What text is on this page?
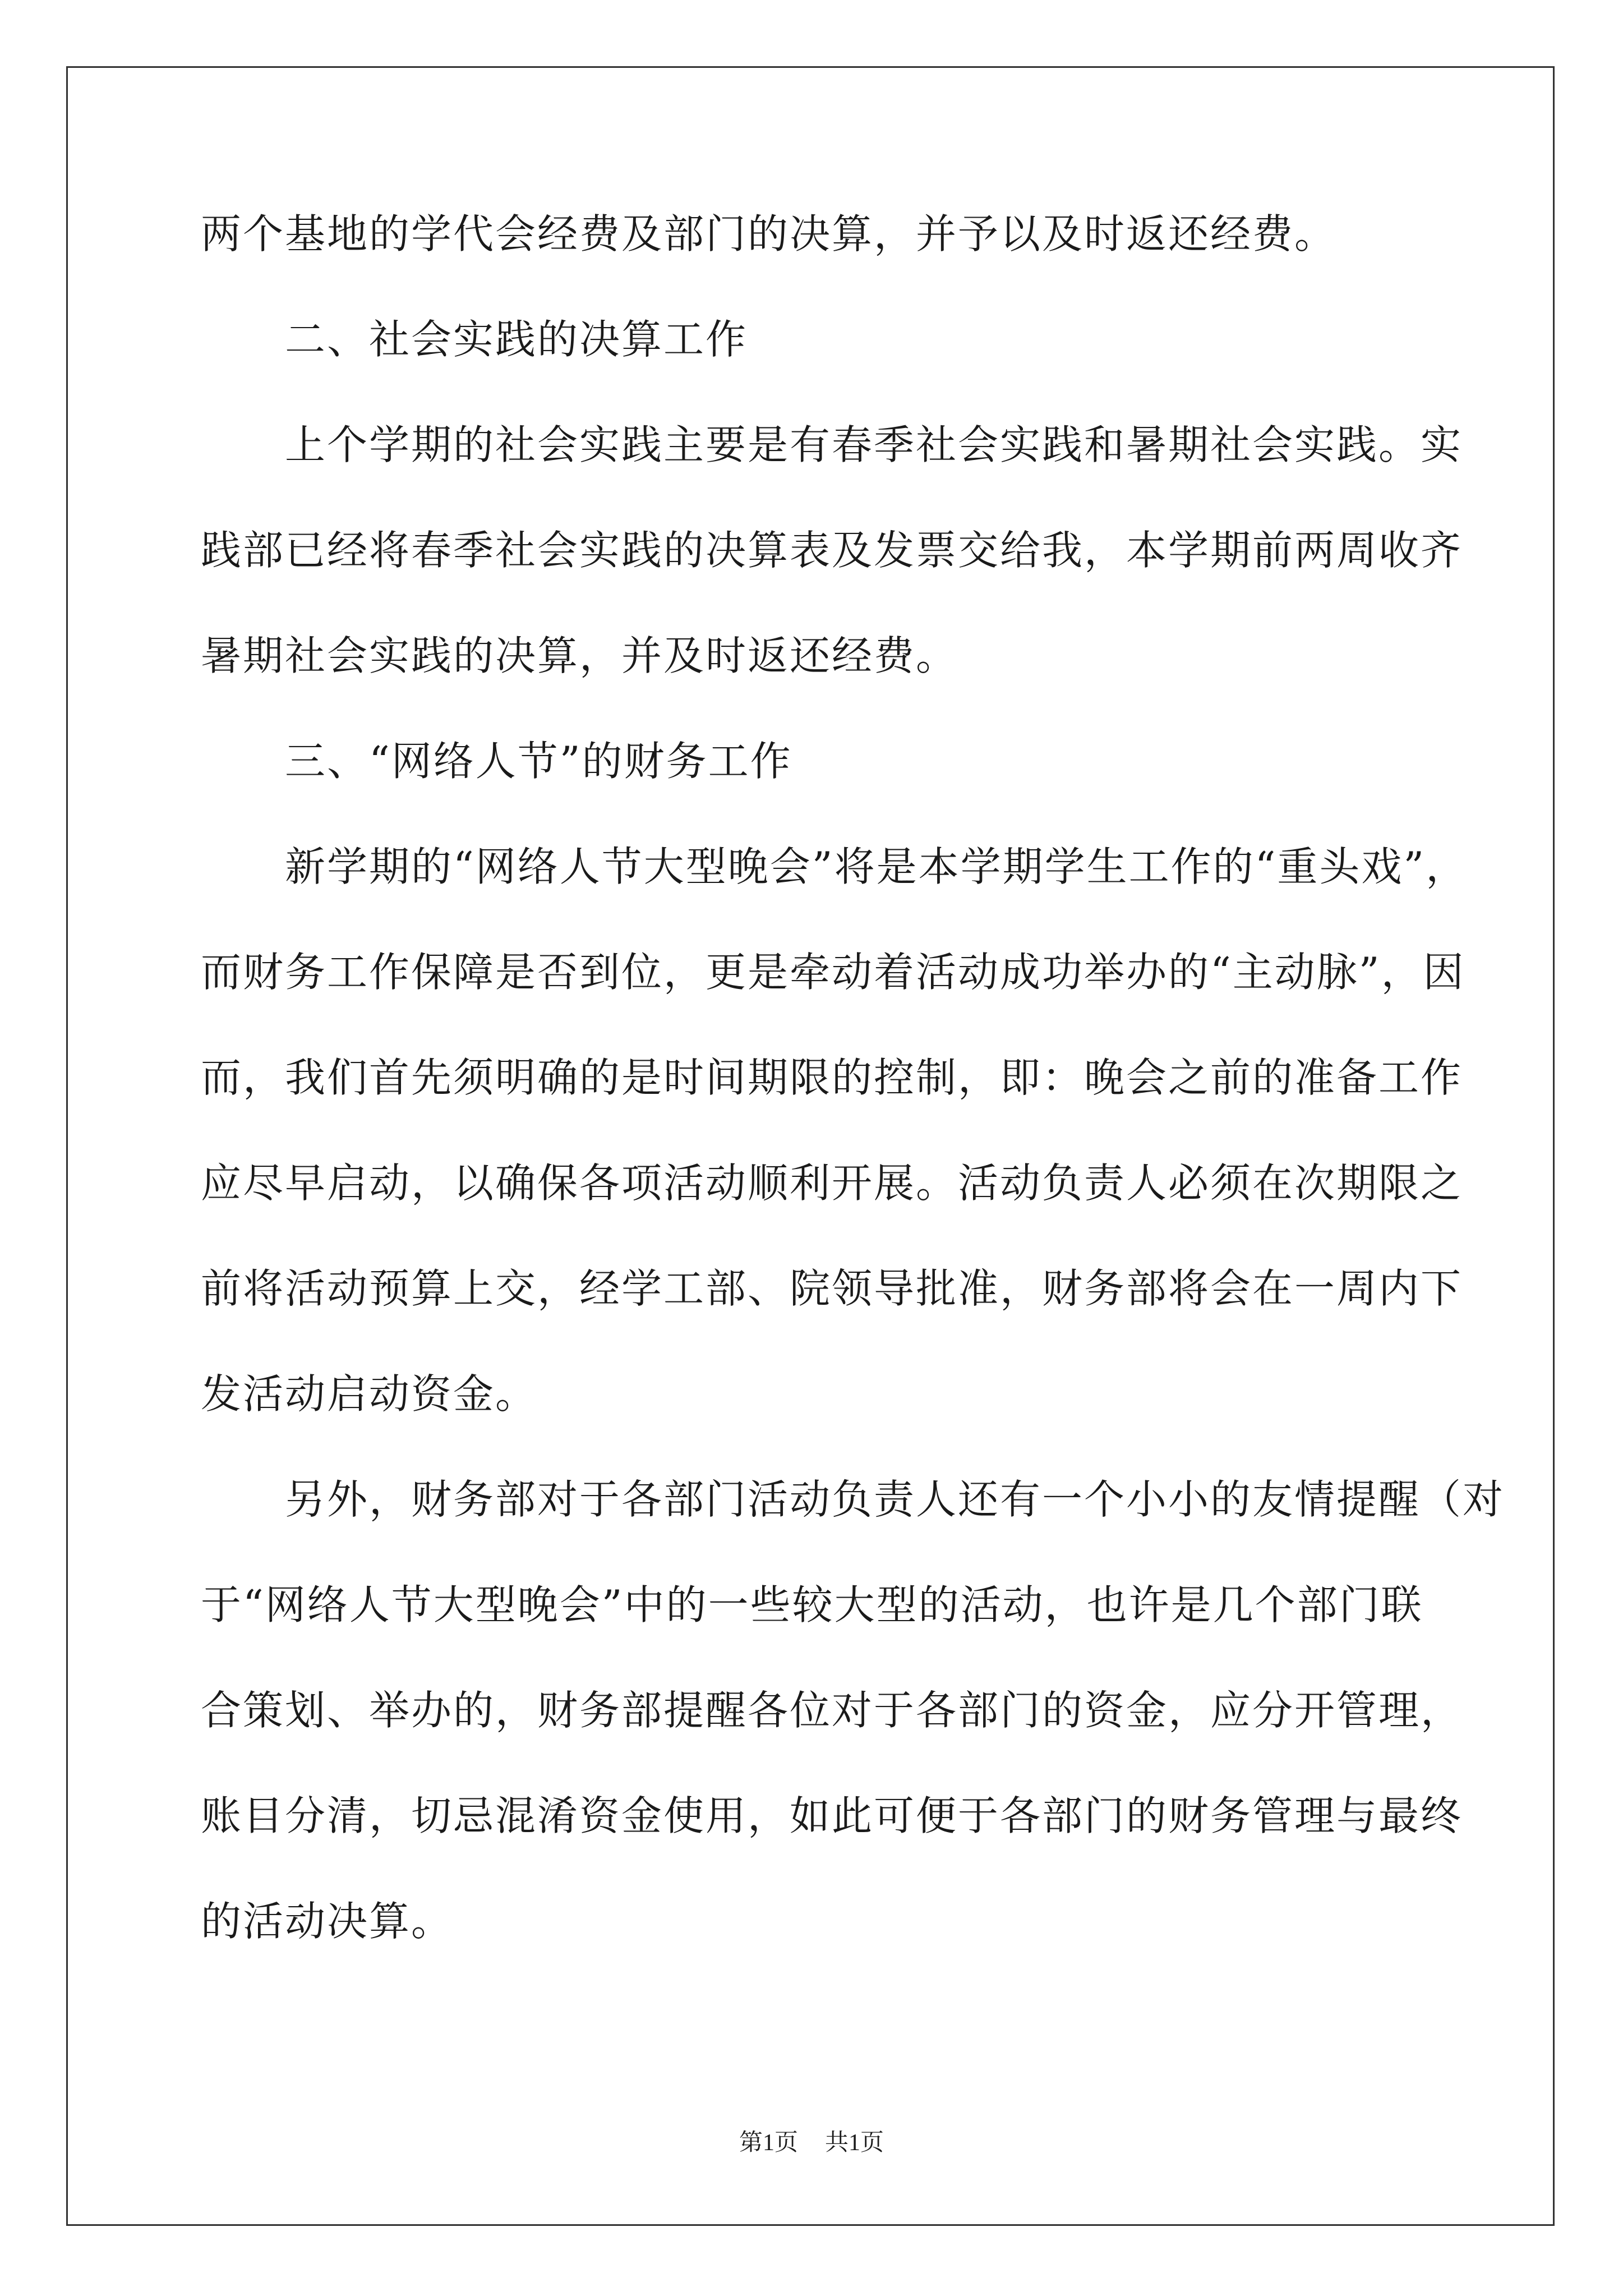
两个基地的学代会经费及部门的决算，并予以及时返还经费。
二、社会实践的决算工作
上个学期的社会实践主要是有春季社会实践和暑期社会实践。实
践部已经将春季社会实践的决算表及发票交给我，本学期前两周收齐
暑期社会实践的决算，并及时返还经费。
三、“网络人节”的财务工作
新学期的“网络人节大型晚会”将是本学期学生工作的“重头戏”，
而财务工作保障是否到位，更是牵动着活动成功举办的“主动脉”，因
而，我们首先须明确的是时间期限的控制，即：晚会之前的准备工作
应尽早启动，以确保各项活动顺利开展。活动负责人必须在次期限之
前将活动预算上交，经学工部、院领导批准，财务部将会在一周内下
发活动启动资金。
另外，财务部对于各部门活动负责人还有一个小小的友情提醒（对
于“网络人节大型晚会”中的一些较大型的活动，也许是几个部门联
合策划、举办的，财务部提醒各位对于各部门的资金，应分开管理，
账目分清，切忌混淆资金使用，如此可便于各部门的财务管理与最终
的活动决算。
第1页 共1页
